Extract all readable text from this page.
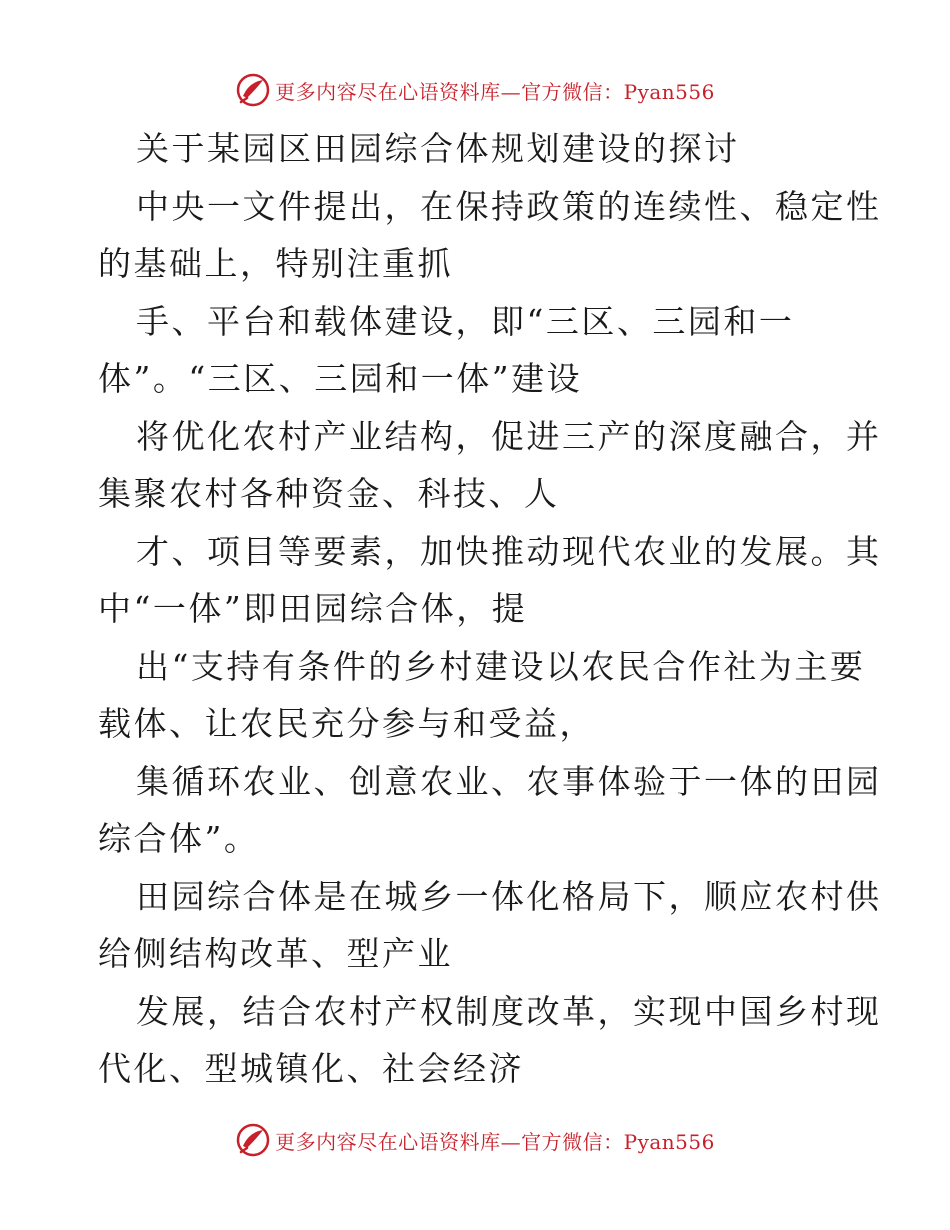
更多内容尽在心语资料库—官方微信：Pyan556

关于某园区田园综合体规划建设的探讨

中央一文件提出，在保持政策的连续性、稳定性

的基础上，特别注重抓

手、平台和载体建设，即“三区、三园和一

体”。“三区、三园和一体”建设

将优化农村产业结构，促进三产的深度融合，并

集聚农村各种资金、科技、人

才、项目等要素，加快推动现代农业的发展。其

中“一体”即田园综合体，提

出“支持有条件的乡村建设以农民合作社为主要

载体、让农民充分参与和受益，

集循环农业、创意农业、农事体验于一体的田园

综合体”。

田园综合体是在城乡一体化格局下，顺应农村供

给侧结构改革、型产业

发展，结合农村产权制度改革，实现中国乡村现

代化、型城镇化、社会经济

更多内容尽在心语资料库—官方微信：Pyan556
